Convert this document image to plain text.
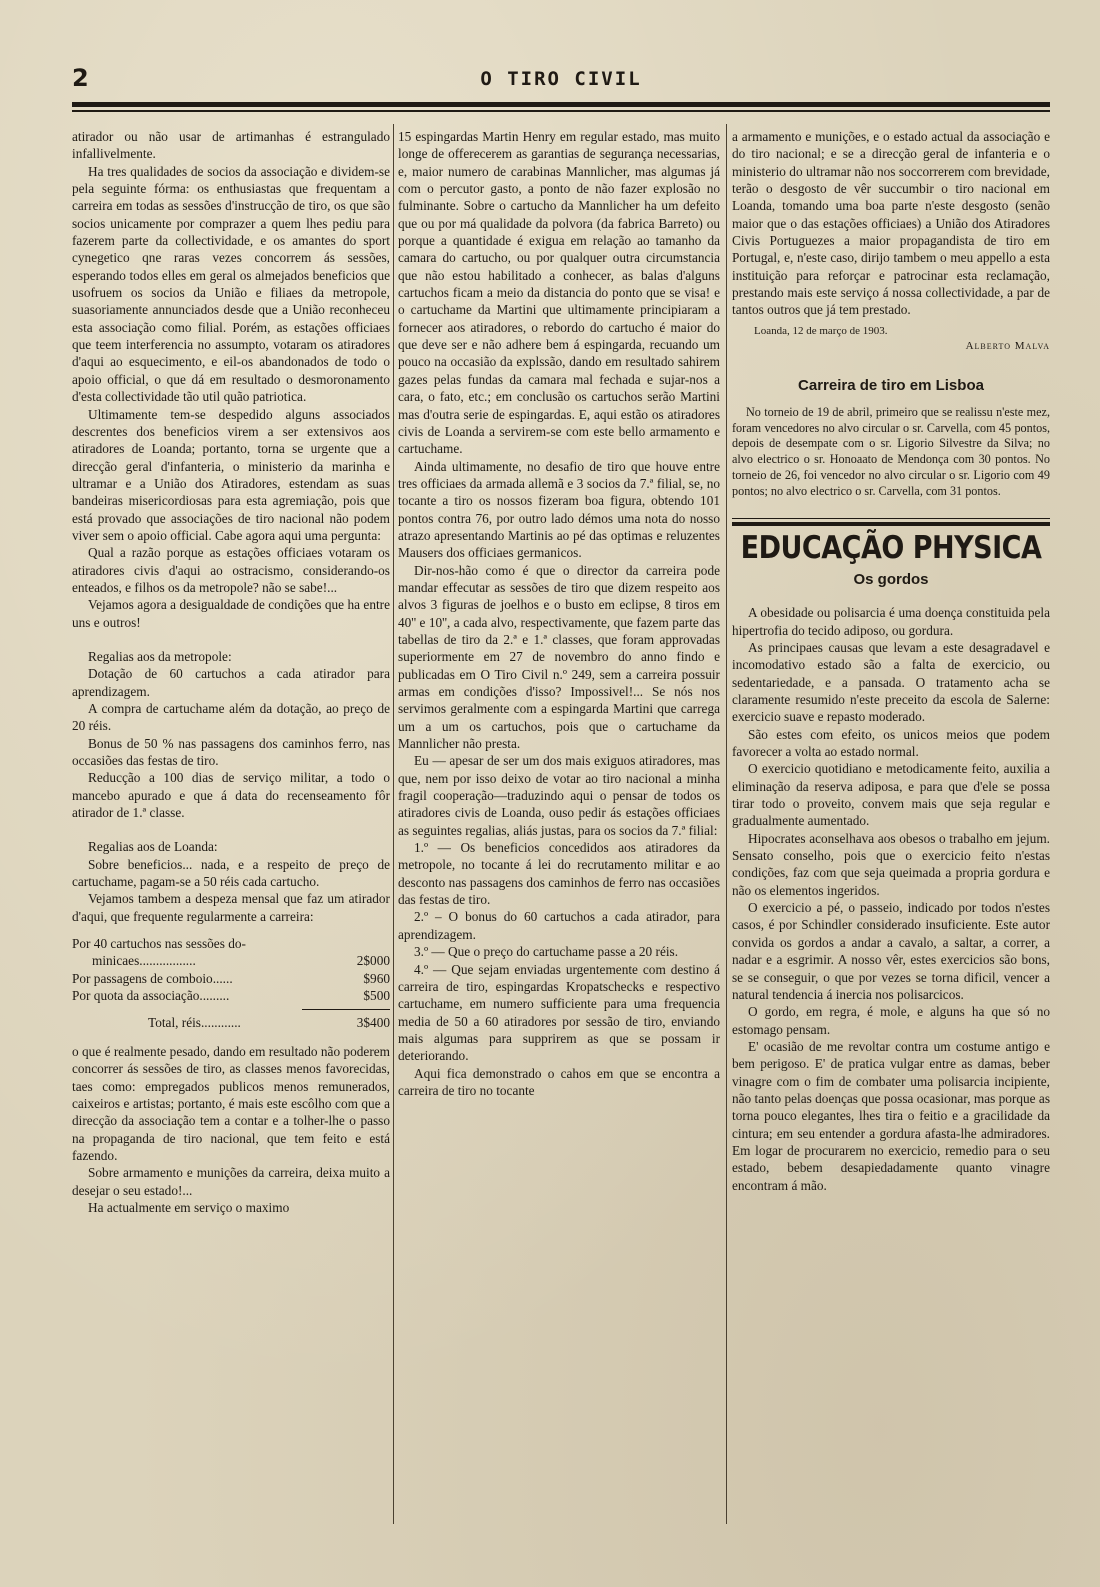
2	O TIRO CIVIL

atirador ou não usar de artimanhas é estrangulado infallivelmente.

Ha tres qualidades de socios da associação e dividem-se pela seguinte fórma: os enthusiastas que frequentam a carreira em todas as sessões d'instrucção de tiro, os que são socios unicamente por comprazer a quem lhes pediu para fazerem parte da collectividade, e os amantes do sport cynegetico qne raras vezes concorrem ás sessões, esperando todos elles em geral os almejados beneficios que usofruem os socios da União e filiaes da metropole, suasoriamente annunciados desde que a União reconheceu esta associação como filial. Porém, as estações officiaes que teem interferencia no assumpto, votaram os atiradores d'aqui ao esquecimento, e eil-os abandonados de todo o apoio official, o que dá em resultado o desmoronamento d'esta collectividade tão util quão patriotica.

Ultimamente tem-se despedido alguns associados descrentes dos beneficios virem a ser extensivos aos atiradores de Loanda; portanto, torna se urgente que a direcção geral d'infanteria, o ministerio da marinha e ultramar e a União dos Atiradores, estendam as suas bandeiras misericordiosas para esta agremiação, pois que está provado que associações de tiro nacional não podem viver sem o apoio official. Cabe agora aqui uma pergunta:

Qual a razão porque as estações officiaes votaram os atiradores civis d'aqui ao ostracismo, considerando-os enteados, e filhos os da metropole? não se sabe!...

Vejamos agora a desigualdade de condições que ha entre uns e outros!

Regalias aos da metropole:

Dotação de 60 cartuchos a cada atirador para aprendizagem.

A compra de cartuchame além da dotação, ao preço de 20 réis.

Bonus de 50 % nas passagens dos caminhos ferro, nas occasiões das festas de tiro.

Reducção a 100 dias de serviço militar, a todo o mancebo apurado e que á data do recenseamento fôr atirador de 1.ª classe.

Regalias aos de Loanda:

Sobre beneficios... nada, e a respeito de preço de cartuchame, pagam-se a 50 réis cada cartucho.

Vejamos tambem a despeza mensal que faz um atirador d'aqui, que frequente regularmente a carreira:

Por 40 cartuchos nas sessões do-
minicaes.................	2$000
Por passagens de comboio......	$960
Por quota da associação.........	$500
Total, réis............	3$400

o que é realmente pesado, dando em resultado não poderem concorrer ás sessões de tiro, as classes menos favorecidas, taes como: empregados publicos menos remunerados, caixeiros e artistas; portanto, é mais este escôlho com que a direcção da associação tem a contar e a tolher-lhe o passo na propaganda de tiro nacional, que tem feito e está fazendo.

Sobre armamento e munições da carreira, deixa muito a desejar o seu estado!...

Ha actualmente em serviço o maximo

15 espingardas Martin Henry em regular estado, mas muito longe de offerecerem as garantias de segurança necessarias, e, maior numero de carabinas Mannlicher, mas algumas já com o percutor gasto, a ponto de não fazer explosão no fulminante. Sobre o cartucho da Mannlicher ha um defeito que ou por má qualidade da polvora (da fabrica Barreto) ou porque a quantidade é exigua em relação ao tamanho da camara do cartucho, ou por qualquer outra circumstancia que não estou habilitado a conhecer, as balas d'alguns cartuchos ficam a meio da distancia do ponto que se visa! e o cartuchame da Martini que ultimamente principiaram a fornecer aos atiradores, o rebordo do cartucho é maior do que deve ser e não adhere bem á espingarda, recuando um pouco na occasião da explssão, dando em resultado sahirem gazes pelas fundas da camara mal fechada e sujar-nos a cara, o fato, etc.; em conclusão os cartuchos serão Martini mas d'outra serie de espingardas. E, aqui estão os atiradores civis de Loanda a servirem-se com este bello armamento e cartuchame.

Ainda ultimamente, no desafio de tiro que houve entre tres officiaes da armada allemã e 3 socios da 7.ª filial, se, no tocante a tiro os nossos fizeram boa figura, obtendo 101 pontos contra 76, por outro lado démos uma nota do nosso atrazo apresentando Martinis ao pé das optimas e reluzentes Mausers dos officiaes germanicos.

Dir-nos-hão como é que o director da carreira pode mandar effecutar as sessões de tiro que dizem respeito aos alvos 3 figuras de joelhos e o busto em eclipse, 8 tiros em 40'' e 10'', a cada alvo, respectivamente, que fazem parte das tabellas de tiro da 2.ª e 1.ª classes, que foram approvadas superiormente em 27 de novembro do anno findo e publicadas em O Tiro Civil n.º 249, sem a carreira possuir armas em condições d'isso? Impossivel!... Se nós nos servimos geralmente com a espingarda Martini que carrega um a um os cartuchos, pois que o cartuchame da Mannlicher não presta.

Eu — apesar de ser um dos mais exiguos atiradores, mas que, nem por isso deixo de votar ao tiro nacional a minha fragil cooperação—traduzindo aqui o pensar de todos os atiradores civis de Loanda, ouso pedir ás estações officiaes as seguintes regalias, aliás justas, para os socios da 7.ª filial:

1.º — Os beneficios concedidos aos atiradores da metropole, no tocante á lei do recrutamento militar e ao desconto nas passagens dos caminhos de ferro nas occasiões das festas de tiro.

2.º – O bonus do 60 cartuchos a cada atirador, para aprendizagem.

3.º — Que o preço do cartuchame passe a 20 réis.

4.º — Que sejam enviadas urgentemente com destino á carreira de tiro, espingardas Kropatschecks e respectivo cartuchame, em numero sufficiente para uma frequencia media de 50 a 60 atiradores por sessão de tiro, enviando mais algumas para supprirem as que se possam ir deteriorando.

Aqui fica demonstrado o cahos em que se encontra a carreira de tiro no tocante

a armamento e munições, e o estado actual da associação e do tiro nacional; e se a direcção geral de infanteria e o ministerio do ultramar não nos soccorrerem com brevidade, terão o desgosto de vêr succumbir o tiro nacional em Loanda, tomando uma boa parte n'este desgosto (senão maior que o das estações officiaes) a União dos Atiradores Civis Portuguezes a maior propagandista de tiro em Portugal, e, n'este caso, dirijo tambem o meu appello a esta instituição para reforçar e patrocinar esta reclamação, prestando mais este serviço á nossa collectividade, a par de tantos outros que já tem prestado.

Loanda, 12 de março de 1903.
Alberto Malva
Carreira de tiro em Lisboa

No torneio de 19 de abril, primeiro que se realissu n'este mez, foram vencedores no alvo circular o sr. Carvella, com 45 pontos, depois de desempate com o sr. Ligorio Silvestre da Silva; no alvo electrico o sr. Honoaato de Mendonça com 30 pontos. No torneio de 26, foi vencedor no alvo circular o sr. Ligorio com 49 pontos; no alvo electrico o sr. Carvella, com 31 pontos.

EDUCAÇÃO PHYSICA
Os gordos

A obesidade ou polisarcia é uma doença constituida pela hipertrofia do tecido adiposo, ou gordura.

As principaes causas que levam a este desagradavel e incomodativo estado são a falta de exercicio, ou sedentariedade, e a pansada. O tratamento acha se claramente resumido n'este preceito da escola de Salerne: exercicio suave e repasto moderado.

São estes com efeito, os unicos meios que podem favorecer a volta ao estado normal.

O exercicio quotidiano e metodicamente feito, auxilia a eliminação da reserva adiposa, e para que d'ele se possa tirar todo o proveito, convem mais que seja regular e gradualmente aumentado.

Hipocrates aconselhava aos obesos o trabalho em jejum. Sensato conselho, pois que o exercicio feito n'estas condições, faz com que seja queimada a propria gordura e não os elementos ingeridos.

O exercicio a pé, o passeio, indicado por todos n'estes casos, é por Schindler considerado insuficiente. Este autor convida os gordos a andar a cavalo, a saltar, a correr, a nadar e a esgrimir. A nosso vêr, estes exercicios são bons, se se conseguir, o que por vezes se torna dificil, vencer a natural tendencia á inercia nos polisarcicos.

O gordo, em regra, é mole, e alguns ha que só no estomago pensam.

E' ocasião de me revoltar contra um costume antigo e bem perigoso. E' de pratica vulgar entre as damas, beber vinagre com o fim de combater uma polisarcia incipiente, não tanto pelas doenças que possa ocasionar, mas porque as torna pouco elegantes, lhes tira o feitio e a gracilidade da cintura; em seu entender a gordura afasta-lhe admiradores. Em logar de procurarem no exercicio, remedio para o seu estado, bebem desapiedadamente quanto vinagre encontram á mão.
